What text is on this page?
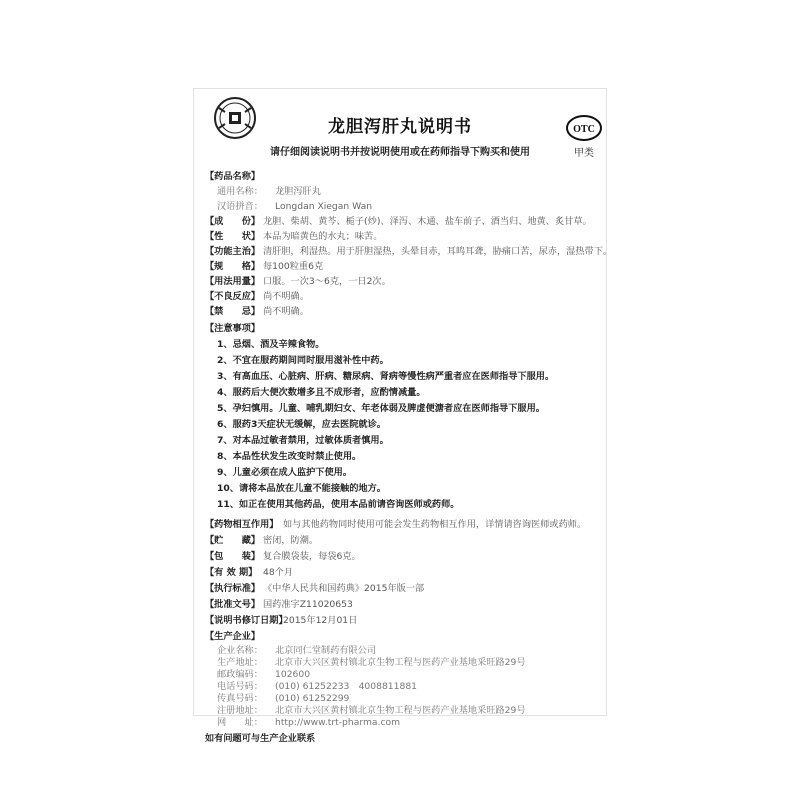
龙胆泻肝丸说明书	OTC
甲类
请仔细阅读说明书并按说明使用或在药师指导下购买和使用
【药品名称】
通用名称： 龙胆泻肝丸
汉语拼音： Longdan Xiegan Wan
【成　　份】 龙胆、柴胡、黄芩、栀子(炒)、泽泻、木通、盐车前子、酒当归、地黄、炙甘草。
【性　　状】 本品为暗黄色的水丸；味苦。
【功能主治】 清肝胆，利湿热。用于肝胆湿热，头晕目赤，耳鸣耳聋，胁痛口苦，尿赤，湿热带下。
【规　　格】 每100粒重6克
【用法用量】 口服。一次3～6克，一日2次。
【不良反应】 尚不明确。
【禁　　忌】 尚不明确。
【注意事项】
1、忌烟、酒及辛辣食物。
2、不宜在服药期间同时服用滋补性中药。
3、有高血压、心脏病、肝病、糖尿病、肾病等慢性病严重者应在医师指导下服用。
4、服药后大便次数增多且不成形者，应酌情减量。
5、孕妇慎用。儿童、哺乳期妇女、年老体弱及脾虚便溏者应在医师指导下服用。
6、服药3天症状无缓解，应去医院就诊。
7、对本品过敏者禁用，过敏体质者慎用。
8、本品性状发生改变时禁止使用。
9、儿童必须在成人监护下使用。
10、请将本品放在儿童不能接触的地方。
11、如正在使用其他药品，使用本品前请咨询医师或药师。
【药物相互作用】 如与其他药物同时使用可能会发生药物相互作用，详情请咨询医师或药师。
【贮　　藏】 密闭，防潮。
【包　　装】 复合膜袋装，每袋6克。
【有 效 期】 48个月
【执行标准】 《中华人民共和国药典》2015年版一部
【批准文号】 国药准字Z11020653
【说明书修订日期】2015年12月01日
【生产企业】
企业名称： 北京同仁堂制药有限公司
生产地址： 北京市大兴区黄村镇北京生物工程与医药产业基地采旺路29号
邮政编码： 102600
电话号码： (010) 61252233　4008811881
传真号码： (010) 61252299
注册地址： 北京市大兴区黄村镇北京生物工程与医药产业基地采旺路29号
网　　址： http://www.trt-pharma.com
如有问题可与生产企业联系
